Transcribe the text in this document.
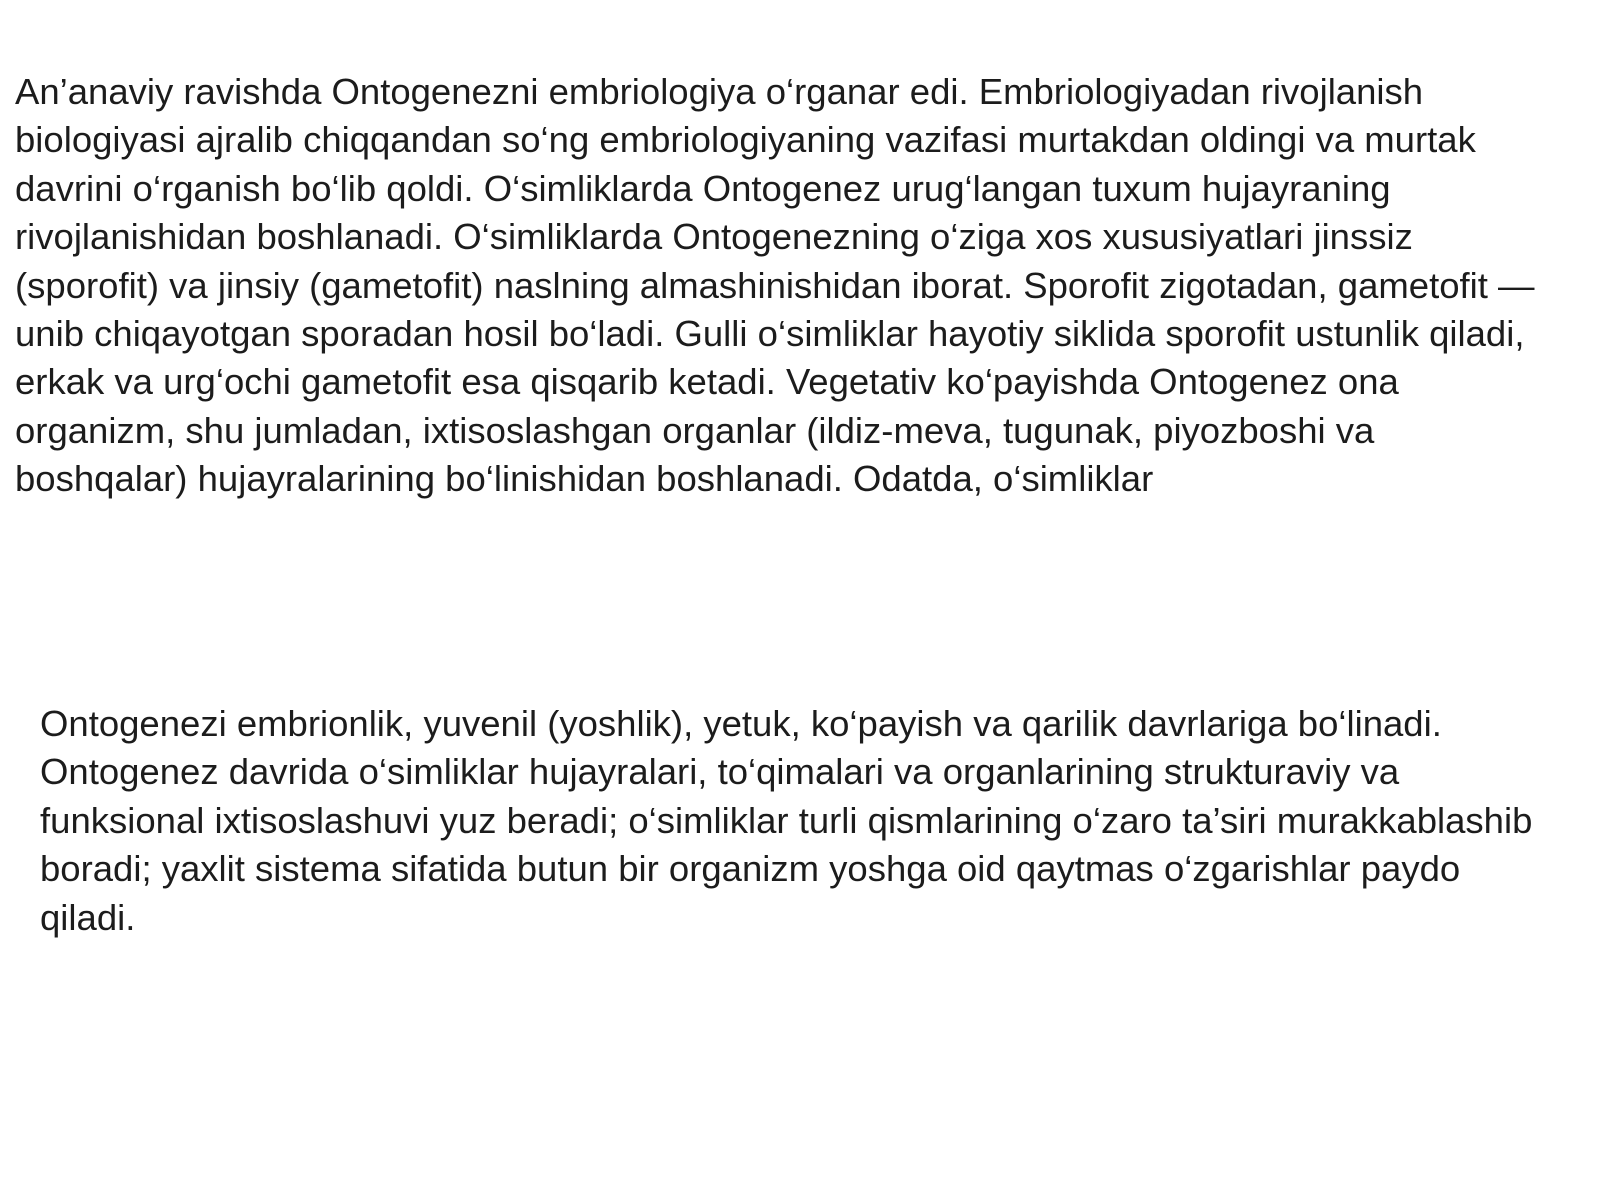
An’anaviy ravishda Ontogenezni embriologiya o‘rganar edi. Embriologiyadan rivojlanish biologiyasi ajralib chiqqandan so‘ng embriologiyaning vazifasi murtakdan oldingi va murtak davrini o‘rganish bo‘lib qoldi. O‘simliklarda Ontogenez urug‘langan tuxum hujayraning rivojlanishidan boshlanadi. O‘simliklarda Ontogenezning o‘ziga xos xususiyatlari jinssiz (sporofit) va jinsiy (gametofit) naslning almashinishidan iborat. Sporofit zigotadan, gametofit — unib chiqayotgan sporadan hosil bo‘ladi. Gulli o‘simliklar hayotiy siklida sporofit ustunlik qiladi, erkak va urg‘ochi gametofit esa qisqarib ketadi. Vegetativ ko‘payishda Ontogenez ona organizm, shu jumladan, ixtisoslashgan organlar (ildiz-meva, tugunak, piyozboshi va boshqalar) hujayralarining bo‘linishidan boshlanadi. Odatda, o‘simliklar

Ontogenezi embrionlik, yuvenil (yoshlik), yetuk, ko‘payish va qarilik davrlariga bo‘linadi. Ontogenez davrida o‘simliklar hujayralari, to‘qimalari va organlarining strukturaviy va funksional ixtisoslashuvi yuz beradi; o‘simliklar turli qismlarining o‘zaro ta’siri murakkablashib boradi; yaxlit sistema sifatida butun bir organizm yoshga oid qaytmas o‘zgarishlar paydo qiladi.
